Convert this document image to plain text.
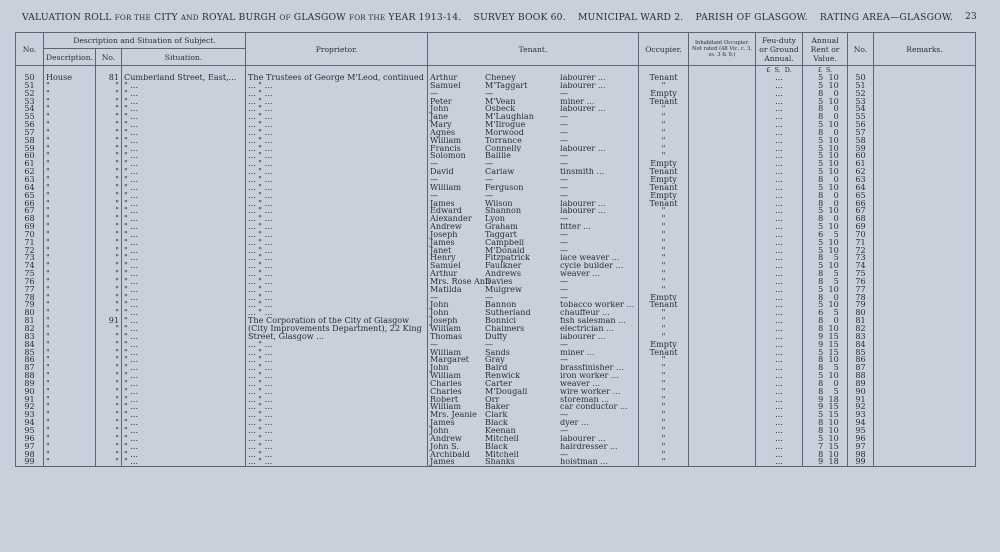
VALUATION ROLL FOR THE CITY AND ROYAL BURGH OF GLASGOW FOR THE YEAR 1913-14. SURVEY BOOK 60. MUNICIPAL WARD 2. PARISH OF GLASGOW. RATING AREA—GLASGOW. 23
No.	Description and Situation of Subject.			Proprietor.	Tenant.	Occupier.	Inhabitant Occupier. Not rated (48 Vic. c. 3, ss. 3 & 9.)	Feu-duty or Ground Annual.	Annual Rent or Value.	No.	Remarks.
	Description.	No.	Situation.								
								£ S. D.	£ S.		
50	House	81	Cumberland Street, East,...	The Trustees of George M'Leod, continued	Arthur Cheney labourer ...	Tenant		...	5 10	50	
51	"	"	" ...	... " ...	Samuel M'Taggart labourer ...	"		...	5 10	51	
52	"	"	" ...	... " ...	— — —	Empty		...	8 0	52	
53	"	"	" ...	... " ...	Peter M'Vean miner ...	Tenant		...	5 10	53	
54	"	"	" ...	... " ...	John Osbeck labourer ...	"		...	8 0	54	
55	"	"	" ...	... " ...	Jane M'Laughlan —	"		...	8 0	55	
56	"	"	" ...	... " ...	Mary M'Ilrogue —	"		...	5 10	56	
57	"	"	" ...	... " ...	Agnes Morwood —	"		...	8 0	57	
58	"	"	" ...	... " ...	William Torrance —	"		...	5 10	58	
59	"	"	" ...	... " ...	Francis Connelly labourer ...	"		...	5 10	59	
60	"	"	" ...	... " ...	Solomon Baillie —	"		...	5 10	60	
61	"	"	" ...	... " ...	— — —	Empty		...	5 10	61	
62	"	"	" ...	... " ...	David Carlaw tinsmith ...	Tenant		...	5 10	62	
63	"	"	" ...	... " ...	— — —	Empty		...	8 0	63	
64	"	"	" ...	... " ...	William Ferguson —	Tenant		...	5 10	64	
65	"	"	" ...	... " ...	— — —	Empty		...	8 0	65	
66	"	"	" ...	... " ...	James Wilson labourer ...	Tenant		...	8 0	66	
67	"	"	" ...	... " ...	Edward Shannon labourer ...	"		...	5 10	67	
68	"	"	" ...	... " ...	Alexander Lyon —	"		...	8 0	68	
69	"	"	" ...	... " ...	Andrew Graham fitter ...	"		...	5 10	69	
70	"	"	" ...	... " ...	Joseph Taggart —	"		...	6 5	70	
71	"	"	" ...	... " ...	James Campbell —	"		...	5 10	71	
72	"	"	" ...	... " ...	Janet M'Donald —	"		...	5 10	72	
73	"	"	" ...	... " ...	Henry Fitzpatrick lace weaver ...	"		...	8 5	73	
74	"	"	" ...	... " ...	Samuel Faulkner cycle builder ...	"		...	5 10	74	
75	"	"	" ...	... " ...	Arthur Andrews weaver ...	"		...	8 5	75	
76	"	"	" ...	... " ...	Mrs. Rose AnnDavies —	"		...	8 5	76	
77	"	"	" ...	... " ...	Matilda Mulgrew —	"		...	5 10	77	
78	"	"	" ...	... " ...	— — —	Empty		...	8 0	78	
79	"	"	" ...	... " ...	John Bannon tobacco worker ...	Tenant		...	5 10	79	
80	"	"	" ...	... " ...	John Sutherland chauffeur ...	"		...	6 5	80	
81	"	91	" ...	The Corporation of the City of Glasgow	Joseph Bonnici fish salesman ...	"		...	8 0	81	
82	"	"	" ...	(City Improvements Department), 22 King	William Chalmers electrician ...	"		...	8 10	82	
83	"	"	" ...	Street, Glasgow ...	Thomas Duffy labourer ...	"		...	9 15	83	
84	"	"	" ...	... " ...	— — —	Empty		...	9 15	84	
85	"	"	" ...	... " ...	William Sands miner ...	Tenant		...	5 15	85	
86	"	"	" ...	... " ...	Margaret Gray —	"		...	8 10	86	
87	"	"	" ...	... " ...	John Baird brassfinisher ...	"		...	8 5	87	
88	"	"	" ...	... " ...	William Renwick iron worker ...	"		...	5 10	88	
89	"	"	" ...	... " ...	Charles Carter weaver ...	"		...	8 0	89	
90	"	"	" ...	... " ...	Charles M'Dougall wire worker ...	"		...	8 5	90	
91	"	"	" ...	... " ...	Robert Orr storeman ...	"		...	9 18	91	
92	"	"	" ...	... " ...	William Baker car conductor ...	"		...	9 15	92	
93	"	"	" ...	... " ...	Mrs. Jeanie Clark —	"		...	5 15	93	
94	"	"	" ...	... " ...	James Black dyer ...	"		...	8 10	94	
95	"	"	" ...	... " ...	John Keenan —	"		...	8 10	95	
96	"	"	" ...	... " ...	Andrew Mitchell labourer ...	"		...	5 10	96	
97	"	"	" ...	... " ...	John S. Black hairdresser ...	"		...	7 15	97	
98	"	"	" ...	... " ...	Archibald Mitchell —	"		...	8 10	98	
99	"	"	" ...	... " ...	James Shanks hoistman ...	"		...	9 18	99	
